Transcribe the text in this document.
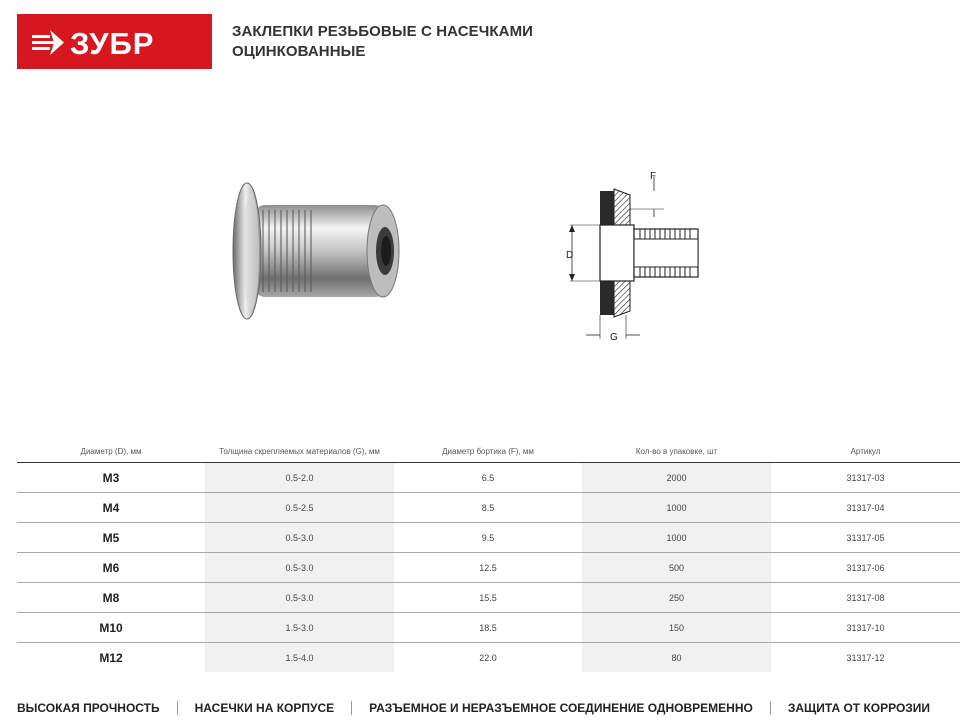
ЗУБР	ЗАКЛЕПКИ РЕЗЬБОВЫЕ С НАСЕЧКАМИ
ОЦИНКОВАННЫЕ
F
D
G
Диаметр (D), мм	Толщина скрепляемых материалов (G), мм	Диаметр бортика (F), мм	Кол-во в упаковке, шт	Артикул
M3	0.5-2.0	6.5	2000	31317-03
M4	0.5-2.5	8.5	1000	31317-04
M5	0.5-3.0	9.5	1000	31317-05
M6	0.5-3.0	12.5	500	31317-06
M8	0.5-3.0	15.5	250	31317-08
M10	1.5-3.0	18.5	150	31317-10
M12	1.5-4.0	22.0	80	31317-12
ВЫСОКАЯ ПРОЧНОСТЬ	НАСЕЧКИ НА КОРПУСЕ	РАЗЪЕМНОЕ И НЕРАЗЪЕМНОЕ СОЕДИНЕНИЕ ОДНОВРЕМЕННО	ЗАЩИТА ОТ КОРРОЗИИ
